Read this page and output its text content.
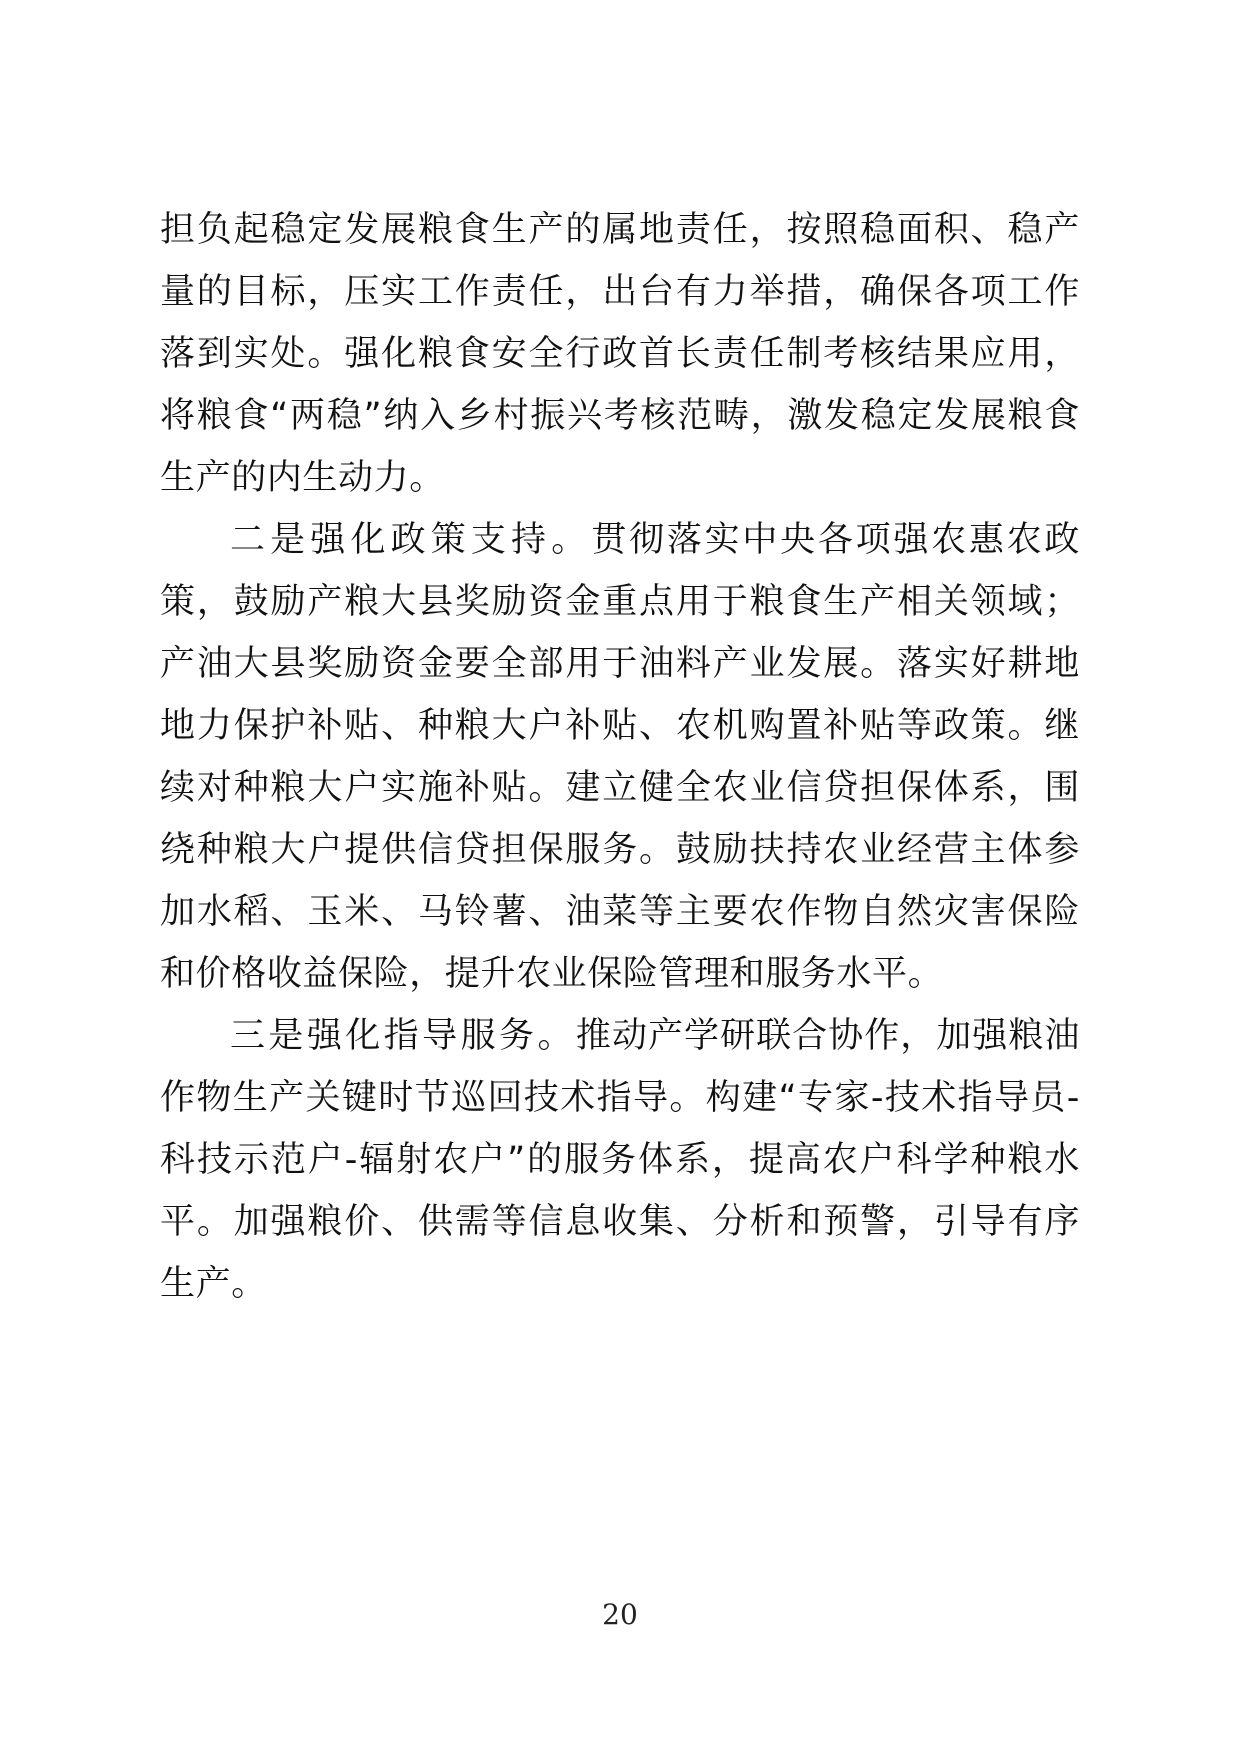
担负起稳定发展粮食生产的属地责任，按照稳面积、稳产量的目标，压实工作责任，出台有力举措，确保各项工作落到实处。强化粮食安全行政首长责任制考核结果应用，将粮食“两稳”纳入乡村振兴考核范畴，激发稳定发展粮食生产的内生动力。

二是强化政策支持。贯彻落实中央各项强农惠农政策，鼓励产粮大县奖励资金重点用于粮食生产相关领域；产油大县奖励资金要全部用于油料产业发展。落实好耕地地力保护补贴、种粮大户补贴、农机购置补贴等政策。继续对种粮大户实施补贴。建立健全农业信贷担保体系，围绕种粮大户提供信贷担保服务。鼓励扶持农业经营主体参加水稻、玉米、马铃薯、油菜等主要农作物自然灾害保险和价格收益保险，提升农业保险管理和服务水平。

三是强化指导服务。推动产学研联合协作，加强粮油作物生产关键时节巡回技术指导。构建“专家-技术指导员-科技示范户-辐射农户”的服务体系，提高农户科学种粮水平。加强粮价、供需等信息收集、分析和预警，引导有序生产。

20
